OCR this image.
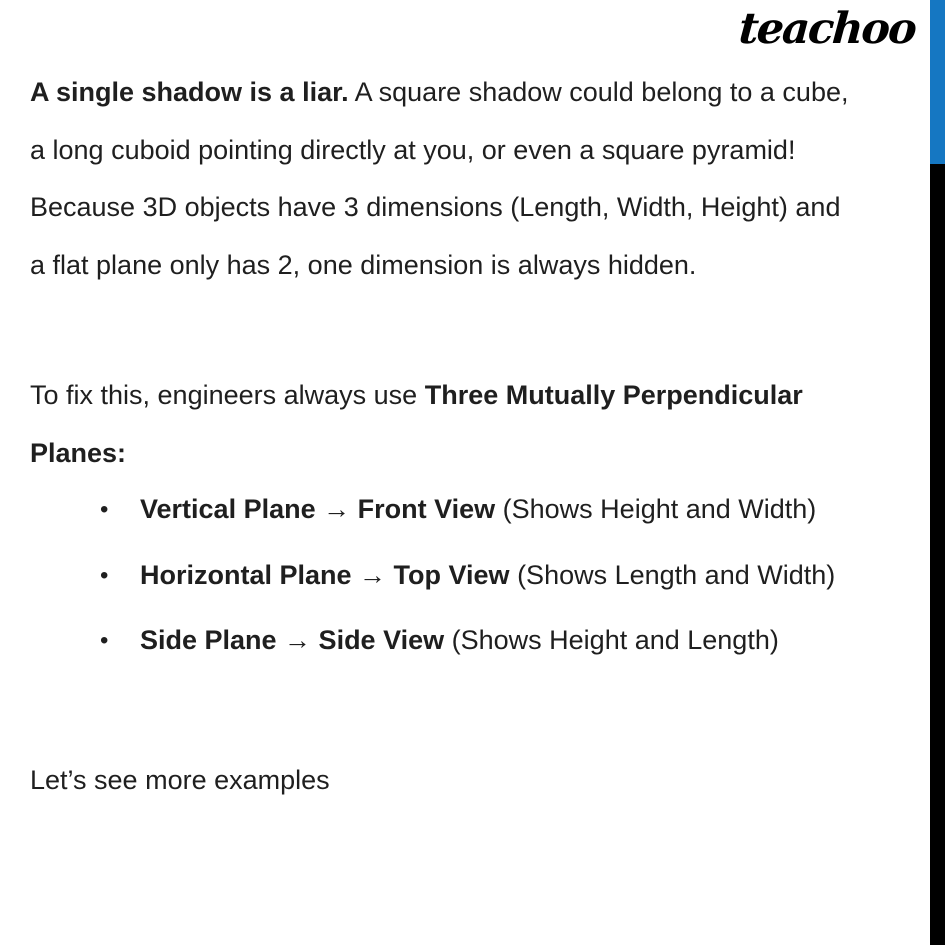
teachoo
A single shadow is a liar. A square shadow could belong to a cube,
a long cuboid pointing directly at you, or even a square pyramid!
Because 3D objects have 3 dimensions (Length, Width, Height) and
a flat plane only has 2, one dimension is always hidden.
To fix this, engineers always use Three Mutually Perpendicular
Planes:
•	Vertical Plane → Front View (Shows Height and Width)
•	Horizontal Plane → Top View (Shows Length and Width)
•	Side Plane → Side View (Shows Height and Length)
Let’s see more examples
